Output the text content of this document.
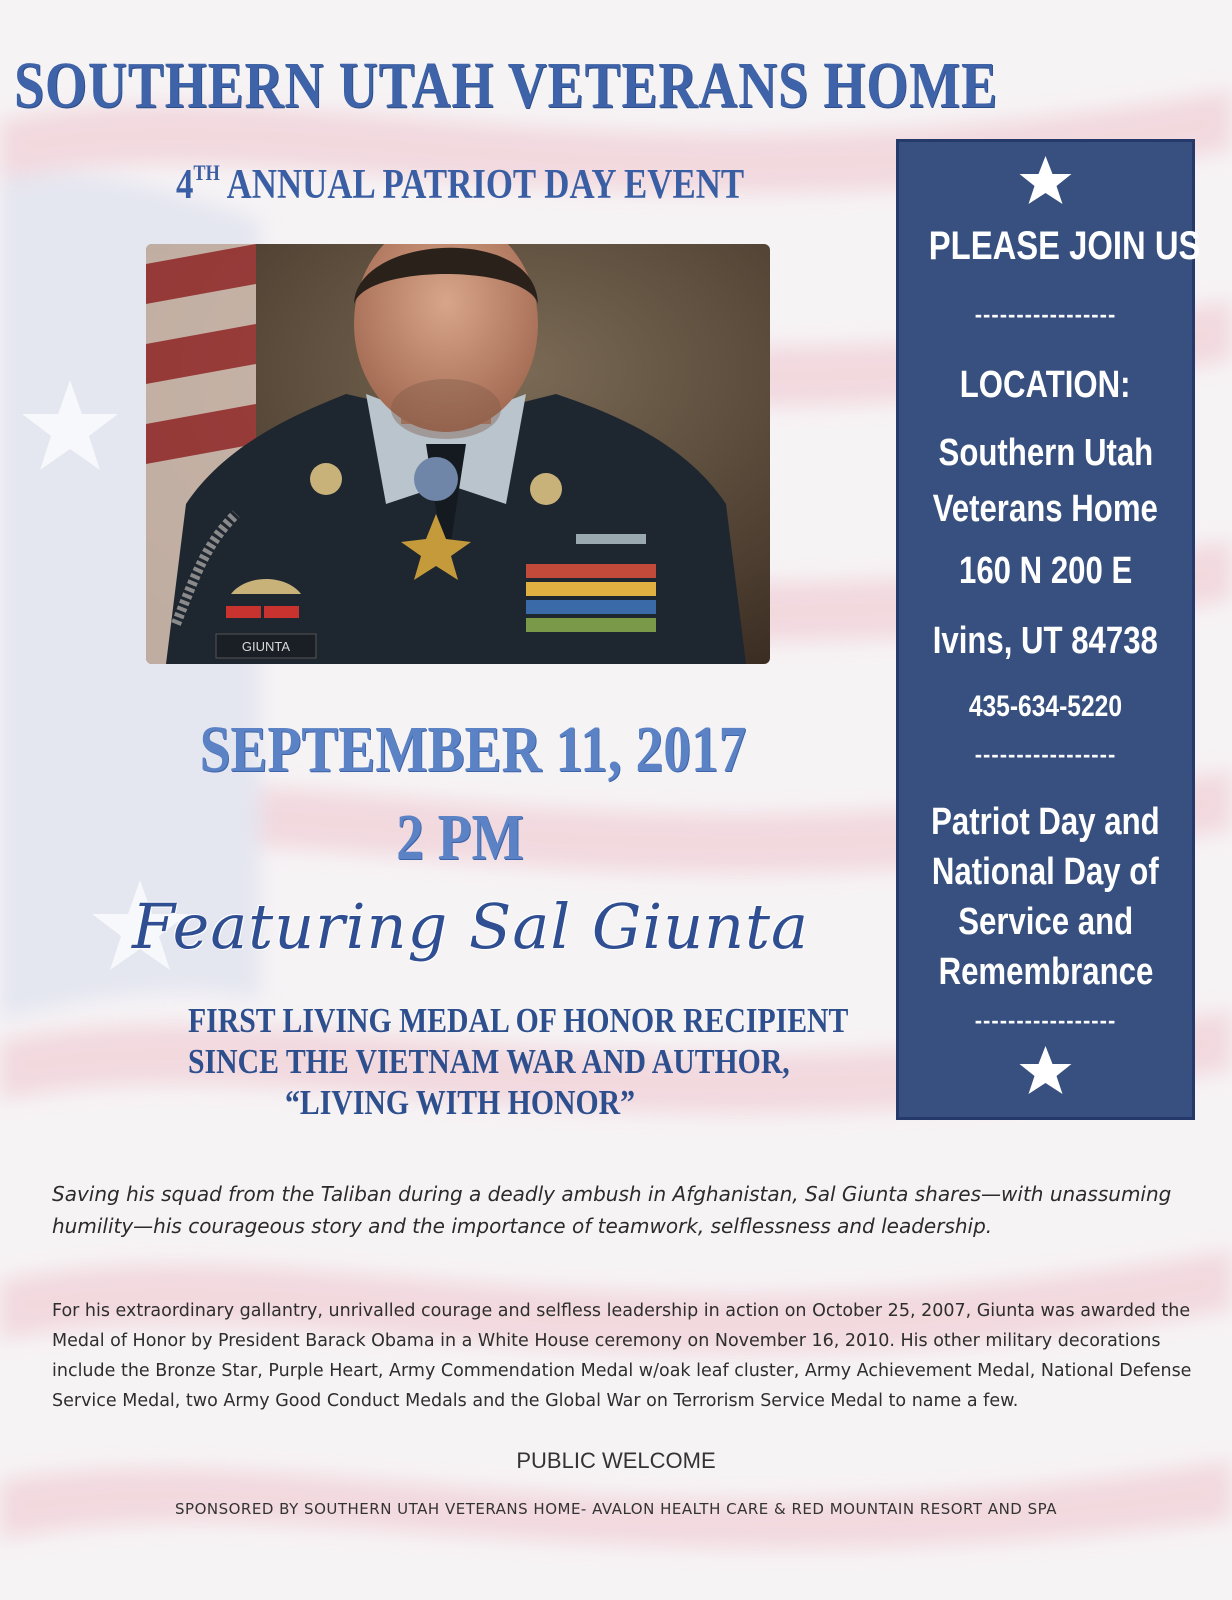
SOUTHERN UTAH VETERANS HOME
4TH ANNUAL PATRIOT DAY EVENT
GIUNTA
SEPTEMBER 11, 2017
2 PM
Featuring Sal Giunta
FIRST LIVING MEDAL OF HONOR RECIPIENT
SINCE THE VIETNAM WAR AND AUTHOR,
“LIVING WITH HONOR”
PLEASE JOIN US
-----------------
LOCATION:
Southern Utah
Veterans Home
160 N 200 E
Ivins, UT 84738
435-634-5220
-----------------
Patriot Day and
National Day of
Service and
Remembrance
-----------------
Saving his squad from the Taliban during a deadly ambush in Afghanistan, Sal Giunta shares—with unassuming humility—his courageous story and the importance of teamwork, selflessness and leadership.
For his extraordinary gallantry, unrivalled courage and selfless leadership in action on October 25, 2007, Giunta was awarded the Medal of Honor by President Barack Obama in a White House ceremony on November 16, 2010. His other military decorations include the Bronze Star, Purple Heart, Army Commendation Medal w/oak leaf cluster, Army Achievement Medal, National Defense Service Medal, two Army Good Conduct Medals and the Global War on Terrorism Service Medal to name a few.
PUBLIC WELCOME
SPONSORED BY SOUTHERN UTAH VETERANS HOME- AVALON HEALTH CARE & RED MOUNTAIN RESORT AND SPA
